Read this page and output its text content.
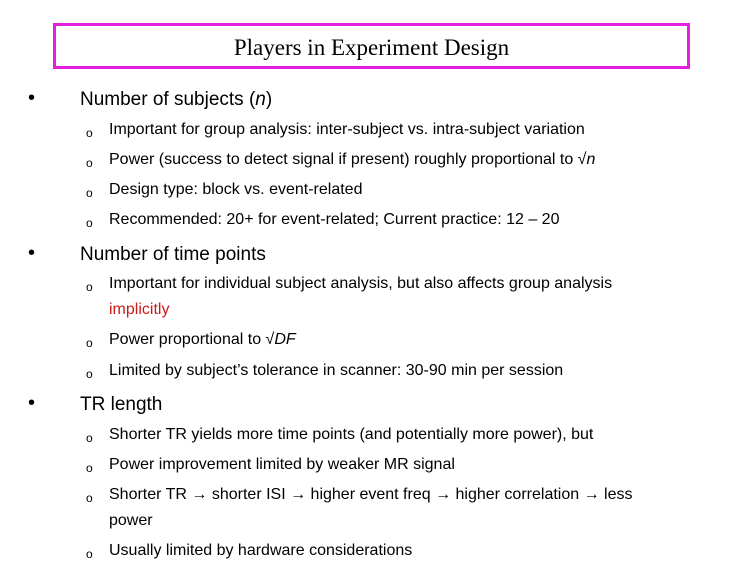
Players in Experiment Design
• Number of subjects (n)
o Important for group analysis: inter-subject vs. intra-subject variation
o Power (success to detect signal if present) roughly proportional to √n
o Design type: block vs. event-related
o Recommended: 20+ for event-related; Current practice: 12 – 20
• Number of time points
o Important for individual subject analysis, but also affects group analysis
implicitly
o Power proportional to √DF
o Limited by subject’s tolerance in scanner: 30-90 min per session
• TR length
o Shorter TR yields more time points (and potentially more power), but
o Power improvement limited by weaker MR signal
o Shorter TR → shorter ISI → higher event freq → higher correlation → less
power
o Usually limited by hardware considerations
